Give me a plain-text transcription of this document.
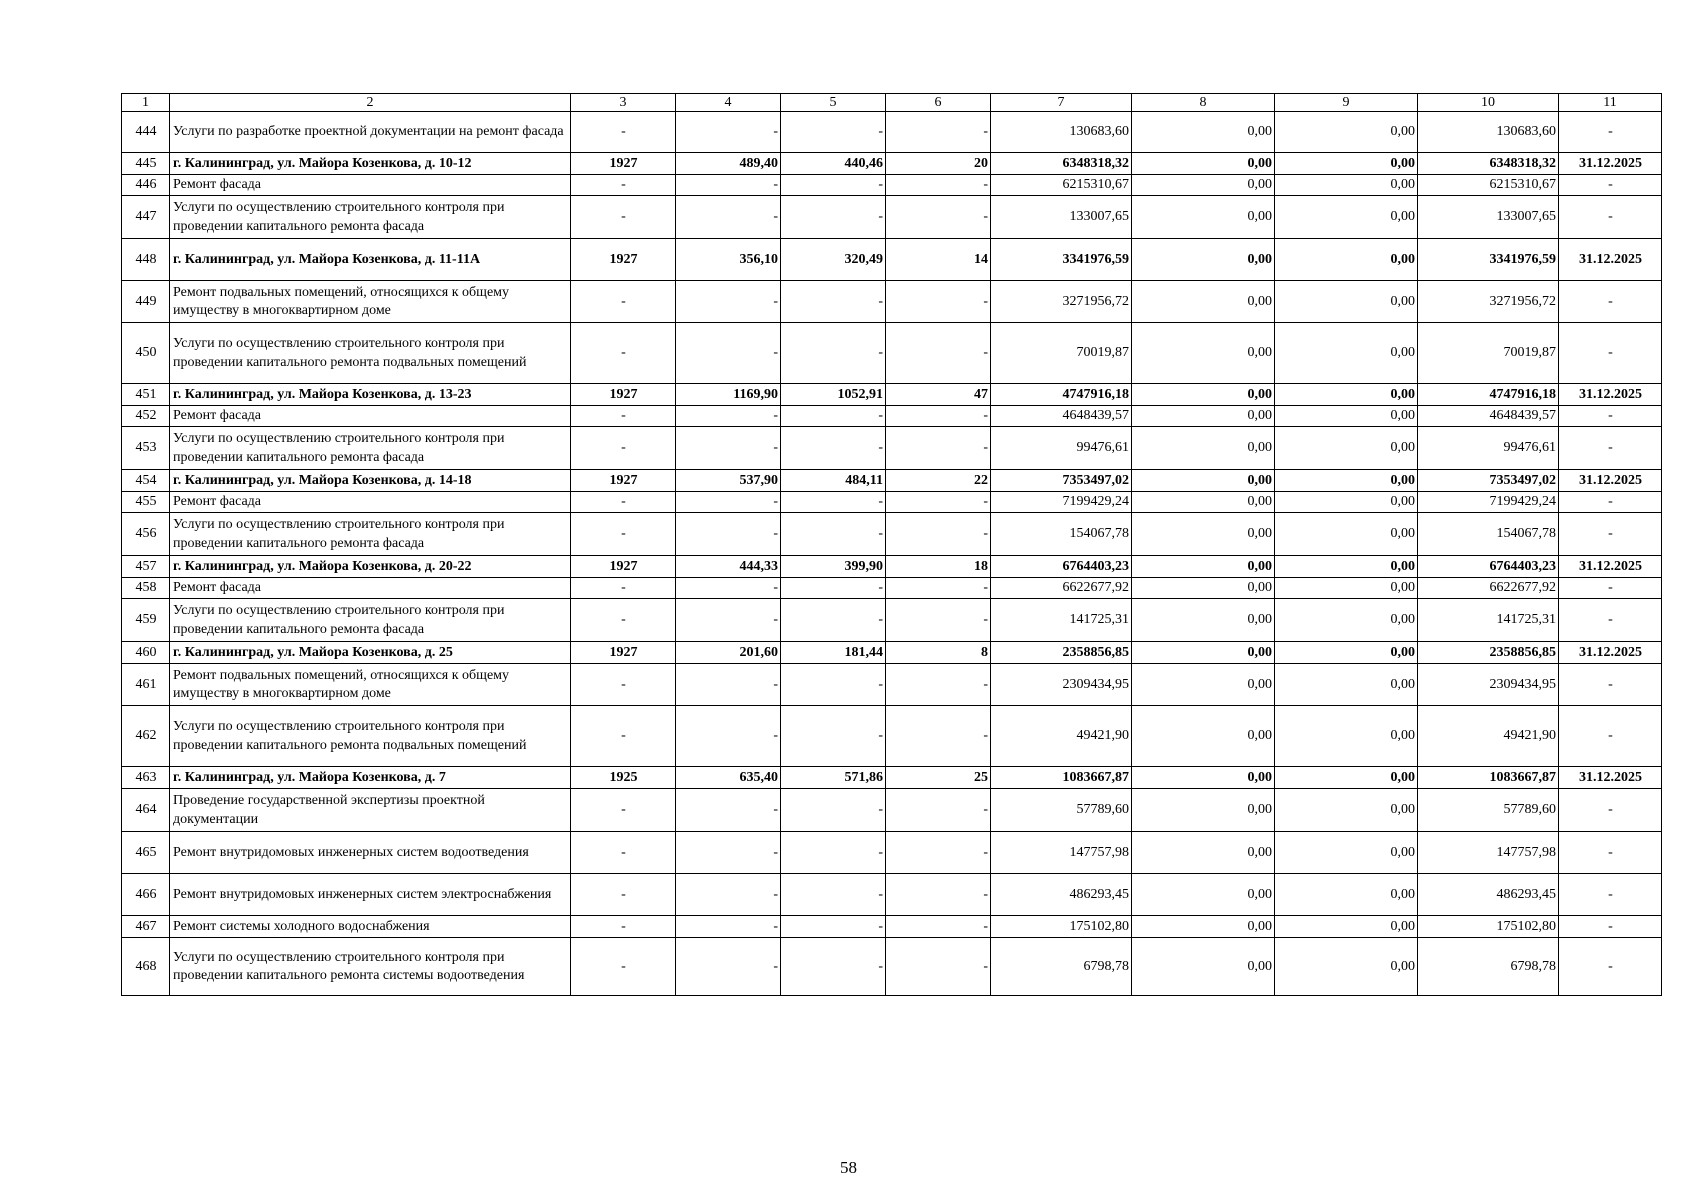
1	2	3	4	5	6	7	8	9	10	11
444	Услуги по разработке проектной документации на ремонт фасада	-	-	-	-	130683,60	0,00	0,00	130683,60	-
445	г. Калининград, ул. Майора Козенкова, д. 10-12	1927	489,40	440,46	20	6348318,32	0,00	0,00	6348318,32	31.12.2025
446	Ремонт фасада	-	-	-	-	6215310,67	0,00	0,00	6215310,67	-
447	Услуги по осуществлению строительного контроля при проведении капитального ремонта фасада	-	-	-	-	133007,65	0,00	0,00	133007,65	-
448	г. Калининград, ул. Майора Козенкова, д. 11-11А	1927	356,10	320,49	14	3341976,59	0,00	0,00	3341976,59	31.12.2025
449	Ремонт подвальных помещений, относящихся к общему имуществу в многоквартирном доме	-	-	-	-	3271956,72	0,00	0,00	3271956,72	-
450	Услуги по осуществлению строительного контроля при проведении капитального ремонта подвальных помещений	-	-	-	-	70019,87	0,00	0,00	70019,87	-
451	г. Калининград, ул. Майора Козенкова, д. 13-23	1927	1169,90	1052,91	47	4747916,18	0,00	0,00	4747916,18	31.12.2025
452	Ремонт фасада	-	-	-	-	4648439,57	0,00	0,00	4648439,57	-
453	Услуги по осуществлению строительного контроля при проведении капитального ремонта фасада	-	-	-	-	99476,61	0,00	0,00	99476,61	-
454	г. Калининград, ул. Майора Козенкова, д. 14-18	1927	537,90	484,11	22	7353497,02	0,00	0,00	7353497,02	31.12.2025
455	Ремонт фасада	-	-	-	-	7199429,24	0,00	0,00	7199429,24	-
456	Услуги по осуществлению строительного контроля при проведении капитального ремонта фасада	-	-	-	-	154067,78	0,00	0,00	154067,78	-
457	г. Калининград, ул. Майора Козенкова, д. 20-22	1927	444,33	399,90	18	6764403,23	0,00	0,00	6764403,23	31.12.2025
458	Ремонт фасада	-	-	-	-	6622677,92	0,00	0,00	6622677,92	-
459	Услуги по осуществлению строительного контроля при проведении капитального ремонта фасада	-	-	-	-	141725,31	0,00	0,00	141725,31	-
460	г. Калининград, ул. Майора Козенкова, д. 25	1927	201,60	181,44	8	2358856,85	0,00	0,00	2358856,85	31.12.2025
461	Ремонт подвальных помещений, относящихся к общему имуществу в многоквартирном доме	-	-	-	-	2309434,95	0,00	0,00	2309434,95	-
462	Услуги по осуществлению строительного контроля при проведении капитального ремонта подвальных помещений	-	-	-	-	49421,90	0,00	0,00	49421,90	-
463	г. Калининград, ул. Майора Козенкова, д. 7	1925	635,40	571,86	25	1083667,87	0,00	0,00	1083667,87	31.12.2025
464	Проведение государственной экспертизы проектной документации	-	-	-	-	57789,60	0,00	0,00	57789,60	-
465	Ремонт внутридомовых инженерных систем водоотведения	-	-	-	-	147757,98	0,00	0,00	147757,98	-
466	Ремонт внутридомовых инженерных систем электроснабжения	-	-	-	-	486293,45	0,00	0,00	486293,45	-
467	Ремонт системы холодного водоснабжения	-	-	-	-	175102,80	0,00	0,00	175102,80	-
468	Услуги по осуществлению строительного контроля при проведении капитального ремонта системы водоотведения	-	-	-	-	6798,78	0,00	0,00	6798,78	-
58
